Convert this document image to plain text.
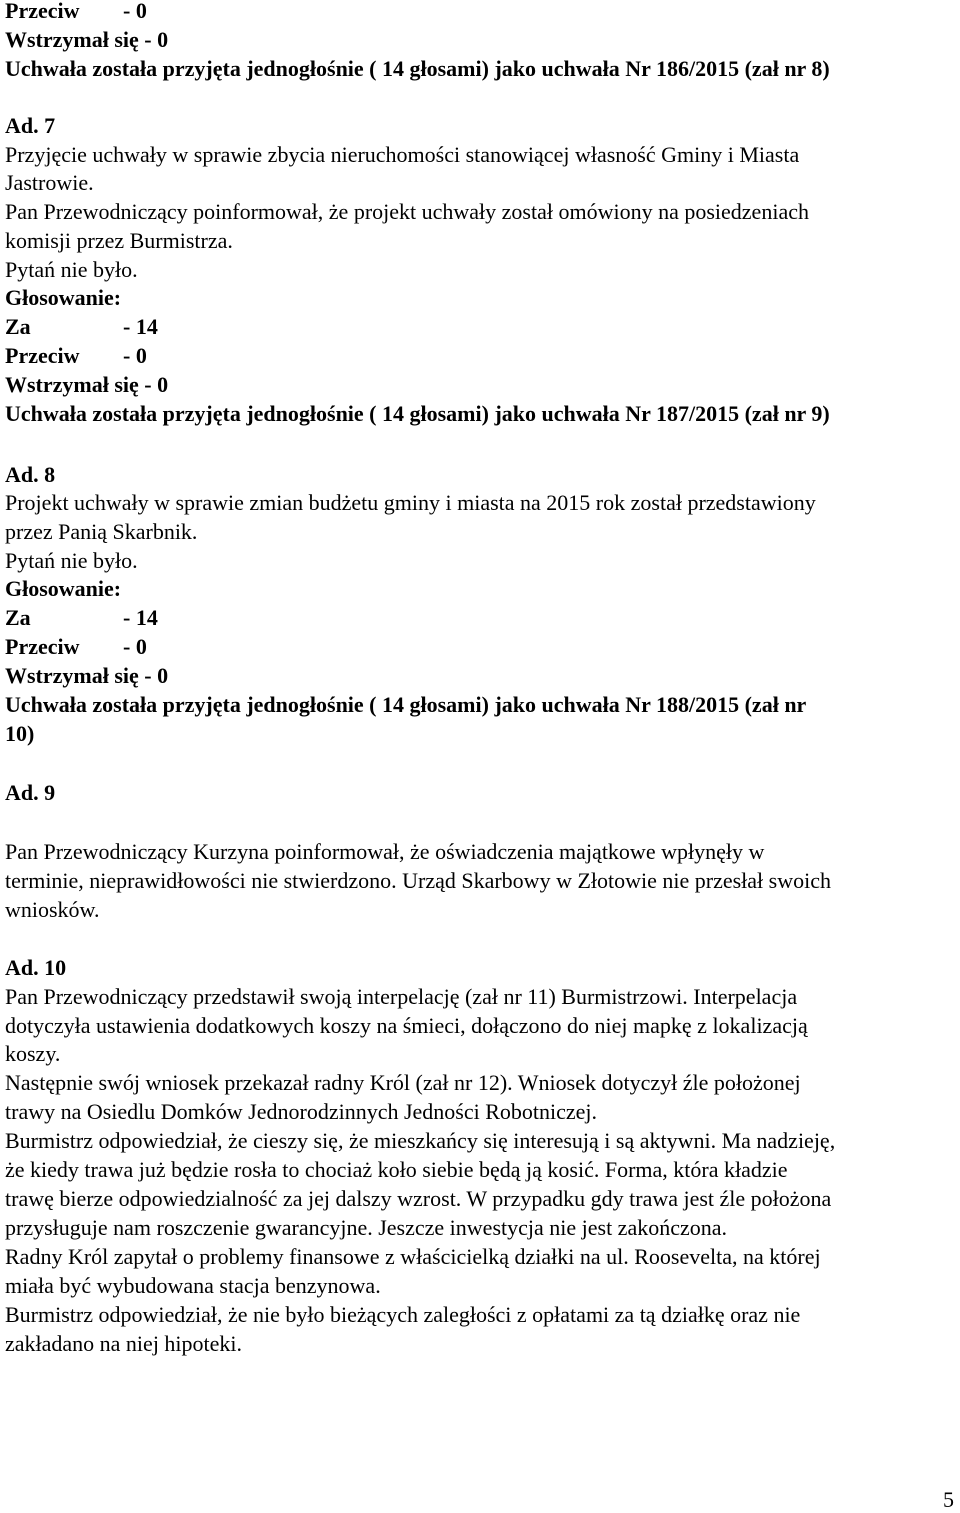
Przeciw - 0
Wstrzymał się - 0
Uchwała została przyjęta jednogłośnie ( 14 głosami) jako uchwała Nr 186/2015 (zał nr 8)
Ad. 7
Przyjęcie uchwały w sprawie zbycia nieruchomości stanowiącej własność Gminy i Miasta
Jastrowie.
Pan Przewodniczący poinformował, że projekt uchwały został omówiony na posiedzeniach
komisji przez Burmistrza.
Pytań nie było.
Głosowanie:
Za	- 14
Przeciw - 0
Wstrzymał się - 0
Uchwała została przyjęta jednogłośnie ( 14 głosami) jako uchwała Nr 187/2015 (zał nr 9)
Ad. 8
Projekt uchwały w sprawie zmian budżetu gminy i miasta na 2015 rok został przedstawiony
przez Panią Skarbnik.
Pytań nie było.
Głosowanie:
Za	- 14
Przeciw - 0
Wstrzymał się - 0
Uchwała została przyjęta jednogłośnie ( 14 głosami) jako uchwała Nr 188/2015 (zał nr
10)
Ad. 9
Pan Przewodniczący Kurzyna poinformował, że oświadczenia majątkowe wpłynęły w
terminie, nieprawidłowości nie stwierdzono. Urząd Skarbowy w Złotowie nie przesłał swoich
wniosków.
Ad. 10
Pan Przewodniczący przedstawił swoją interpelację (zał nr 11) Burmistrzowi. Interpelacja
dotyczyła ustawienia dodatkowych koszy na śmieci, dołączono do niej mapkę z lokalizacją
koszy.
Następnie swój wniosek przekazał radny Król (zał nr 12). Wniosek dotyczył źle położonej
trawy na Osiedlu Domków Jednorodzinnych Jedności Robotniczej.
Burmistrz odpowiedział, że cieszy się, że mieszkańcy się interesują i są aktywni. Ma nadzieję,
że kiedy trawa już będzie rosła to chociaż koło siebie będą ją kosić. Forma, która kładzie
trawę bierze odpowiedzialność za jej dalszy wzrost. W przypadku gdy trawa jest źle położona
przysługuje nam roszczenie gwarancyjne. Jeszcze inwestycja nie jest zakończona.
Radny Król zapytał o problemy finansowe z właścicielką działki na ul. Roosevelta, na której
miała być wybudowana stacja benzynowa.
Burmistrz odpowiedział, że nie było bieżących zaległości z opłatami za tą działkę oraz nie
zakładano na niej hipoteki.
5
